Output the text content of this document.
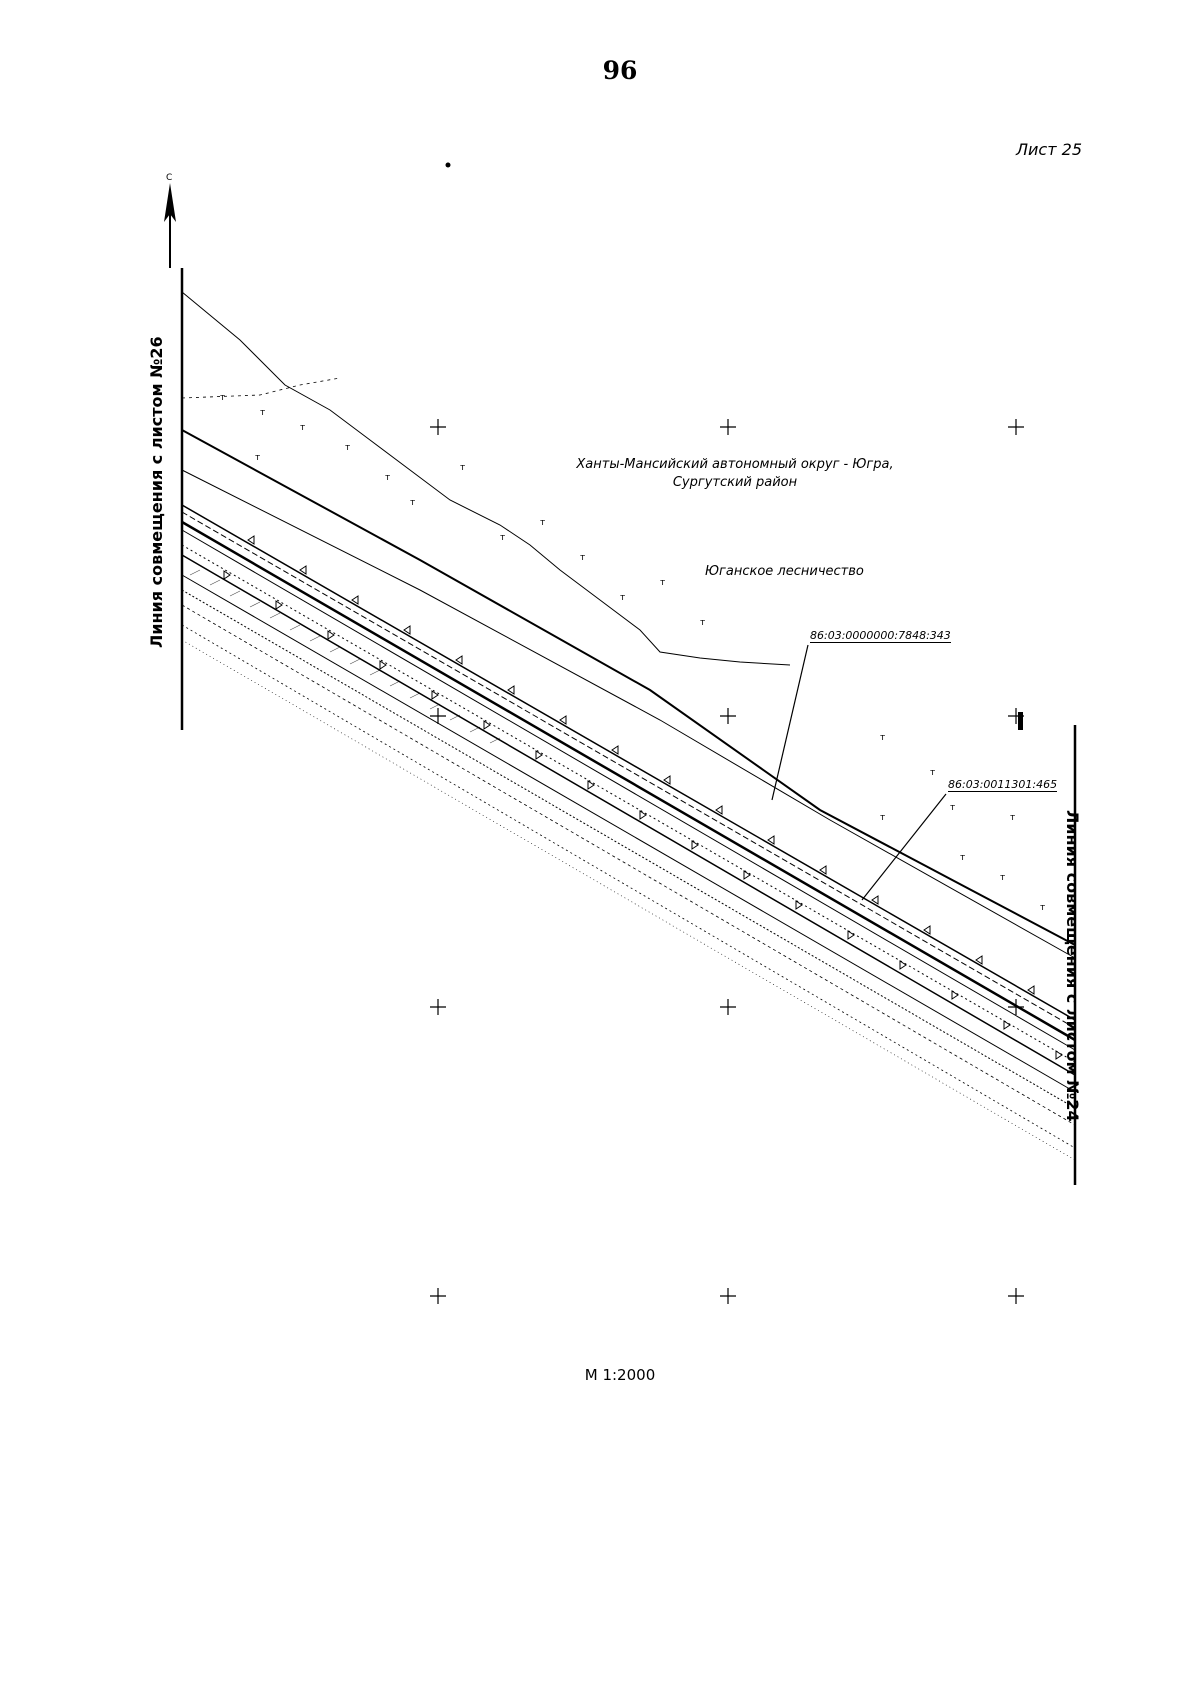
96
Лист 25
С
т
т
т
т
т
т
т
т
т
т
т
т
т
т
т
т
т
т
т
т
т
т
Линия совмещения с листом №26
Линия совмещения с листом №24
Ханты-Мансийский автономный округ - Югра,
Сургутский район
Юганское лесничество
86:03:0000000:7848:343
86:03:0011301:465
М 1:2000
